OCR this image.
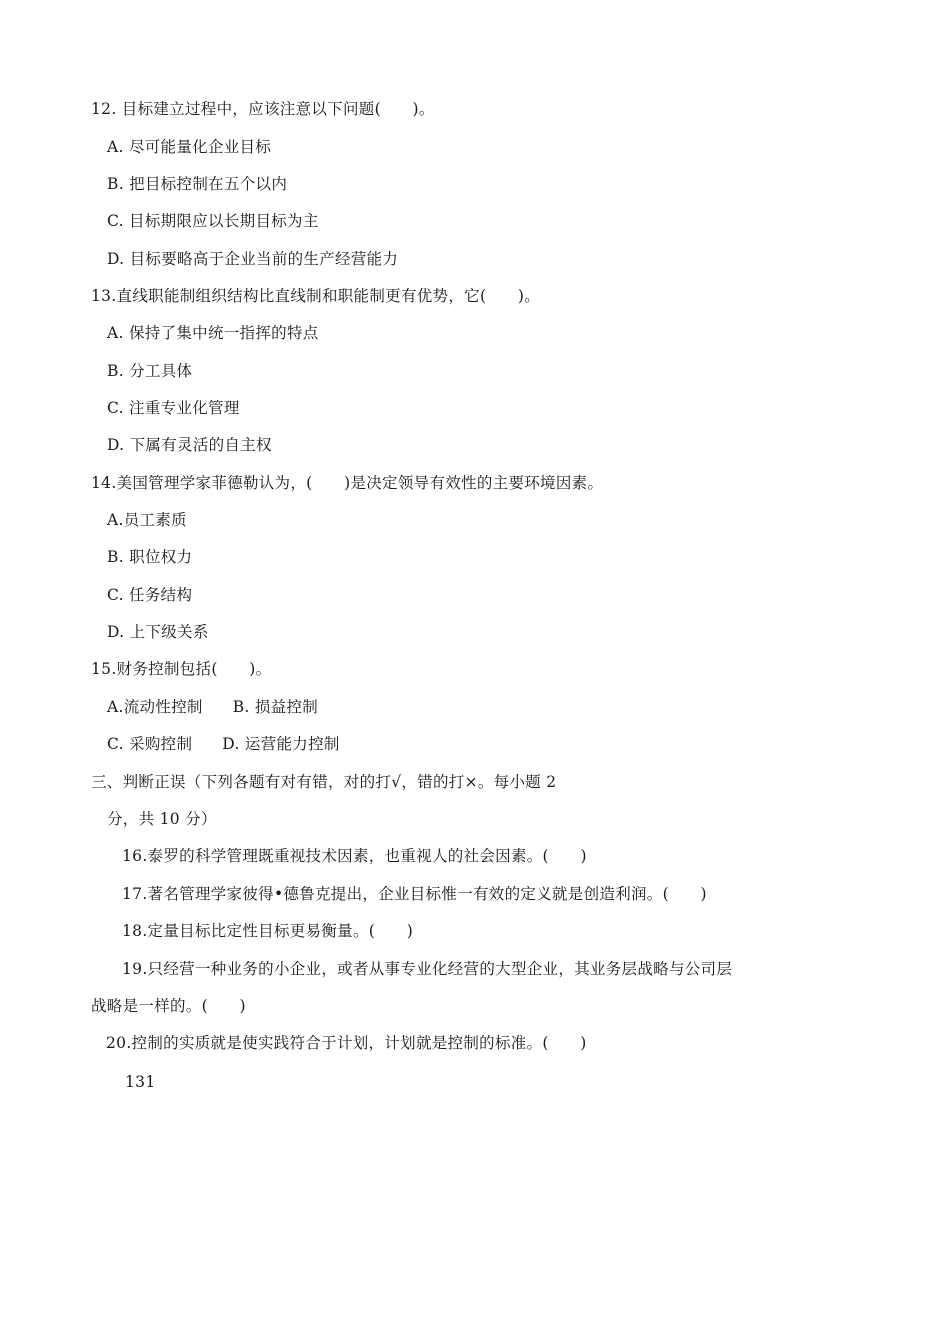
12. 目标建立过程中，应该注意以下问题(　　)。
A. 尽可能量化企业目标
B. 把目标控制在五个以内
C. 目标期限应以长期目标为主
D. 目标要略高于企业当前的生产经营能力
13.直线职能制组织结构比直线制和职能制更有优势，它(　　)。
A. 保持了集中统一指挥的特点
B. 分工具体
C. 注重专业化管理
D. 下属有灵活的自主权
14.美国管理学家菲德勒认为，(　　)是决定领导有效性的主要环境因素。
A.员工素质
B. 职位权力
C. 任务结构
D. 上下级关系
15.财务控制包括(　　)。
A.流动性控制 B. 损益控制
C. 采购控制 D. 运营能力控制
三、判断正误（下列各题有对有错，对的打√，错的打×。每小题 2
分，共 10 分）
16.泰罗的科学管理既重视技术因素，也重视人的社会因素。(　　)
17.著名管理学家彼得•德鲁克提出，企业目标惟一有效的定义就是创造利润。(　　)
18.定量目标比定性目标更易衡量。(　　)
19.只经营一种业务的小企业，或者从事专业化经营的大型企业，其业务层战略与公司层
战略是一样的。(　　)
20.控制的实质就是使实践符合于计划，计划就是控制的标准。(　　)
131
